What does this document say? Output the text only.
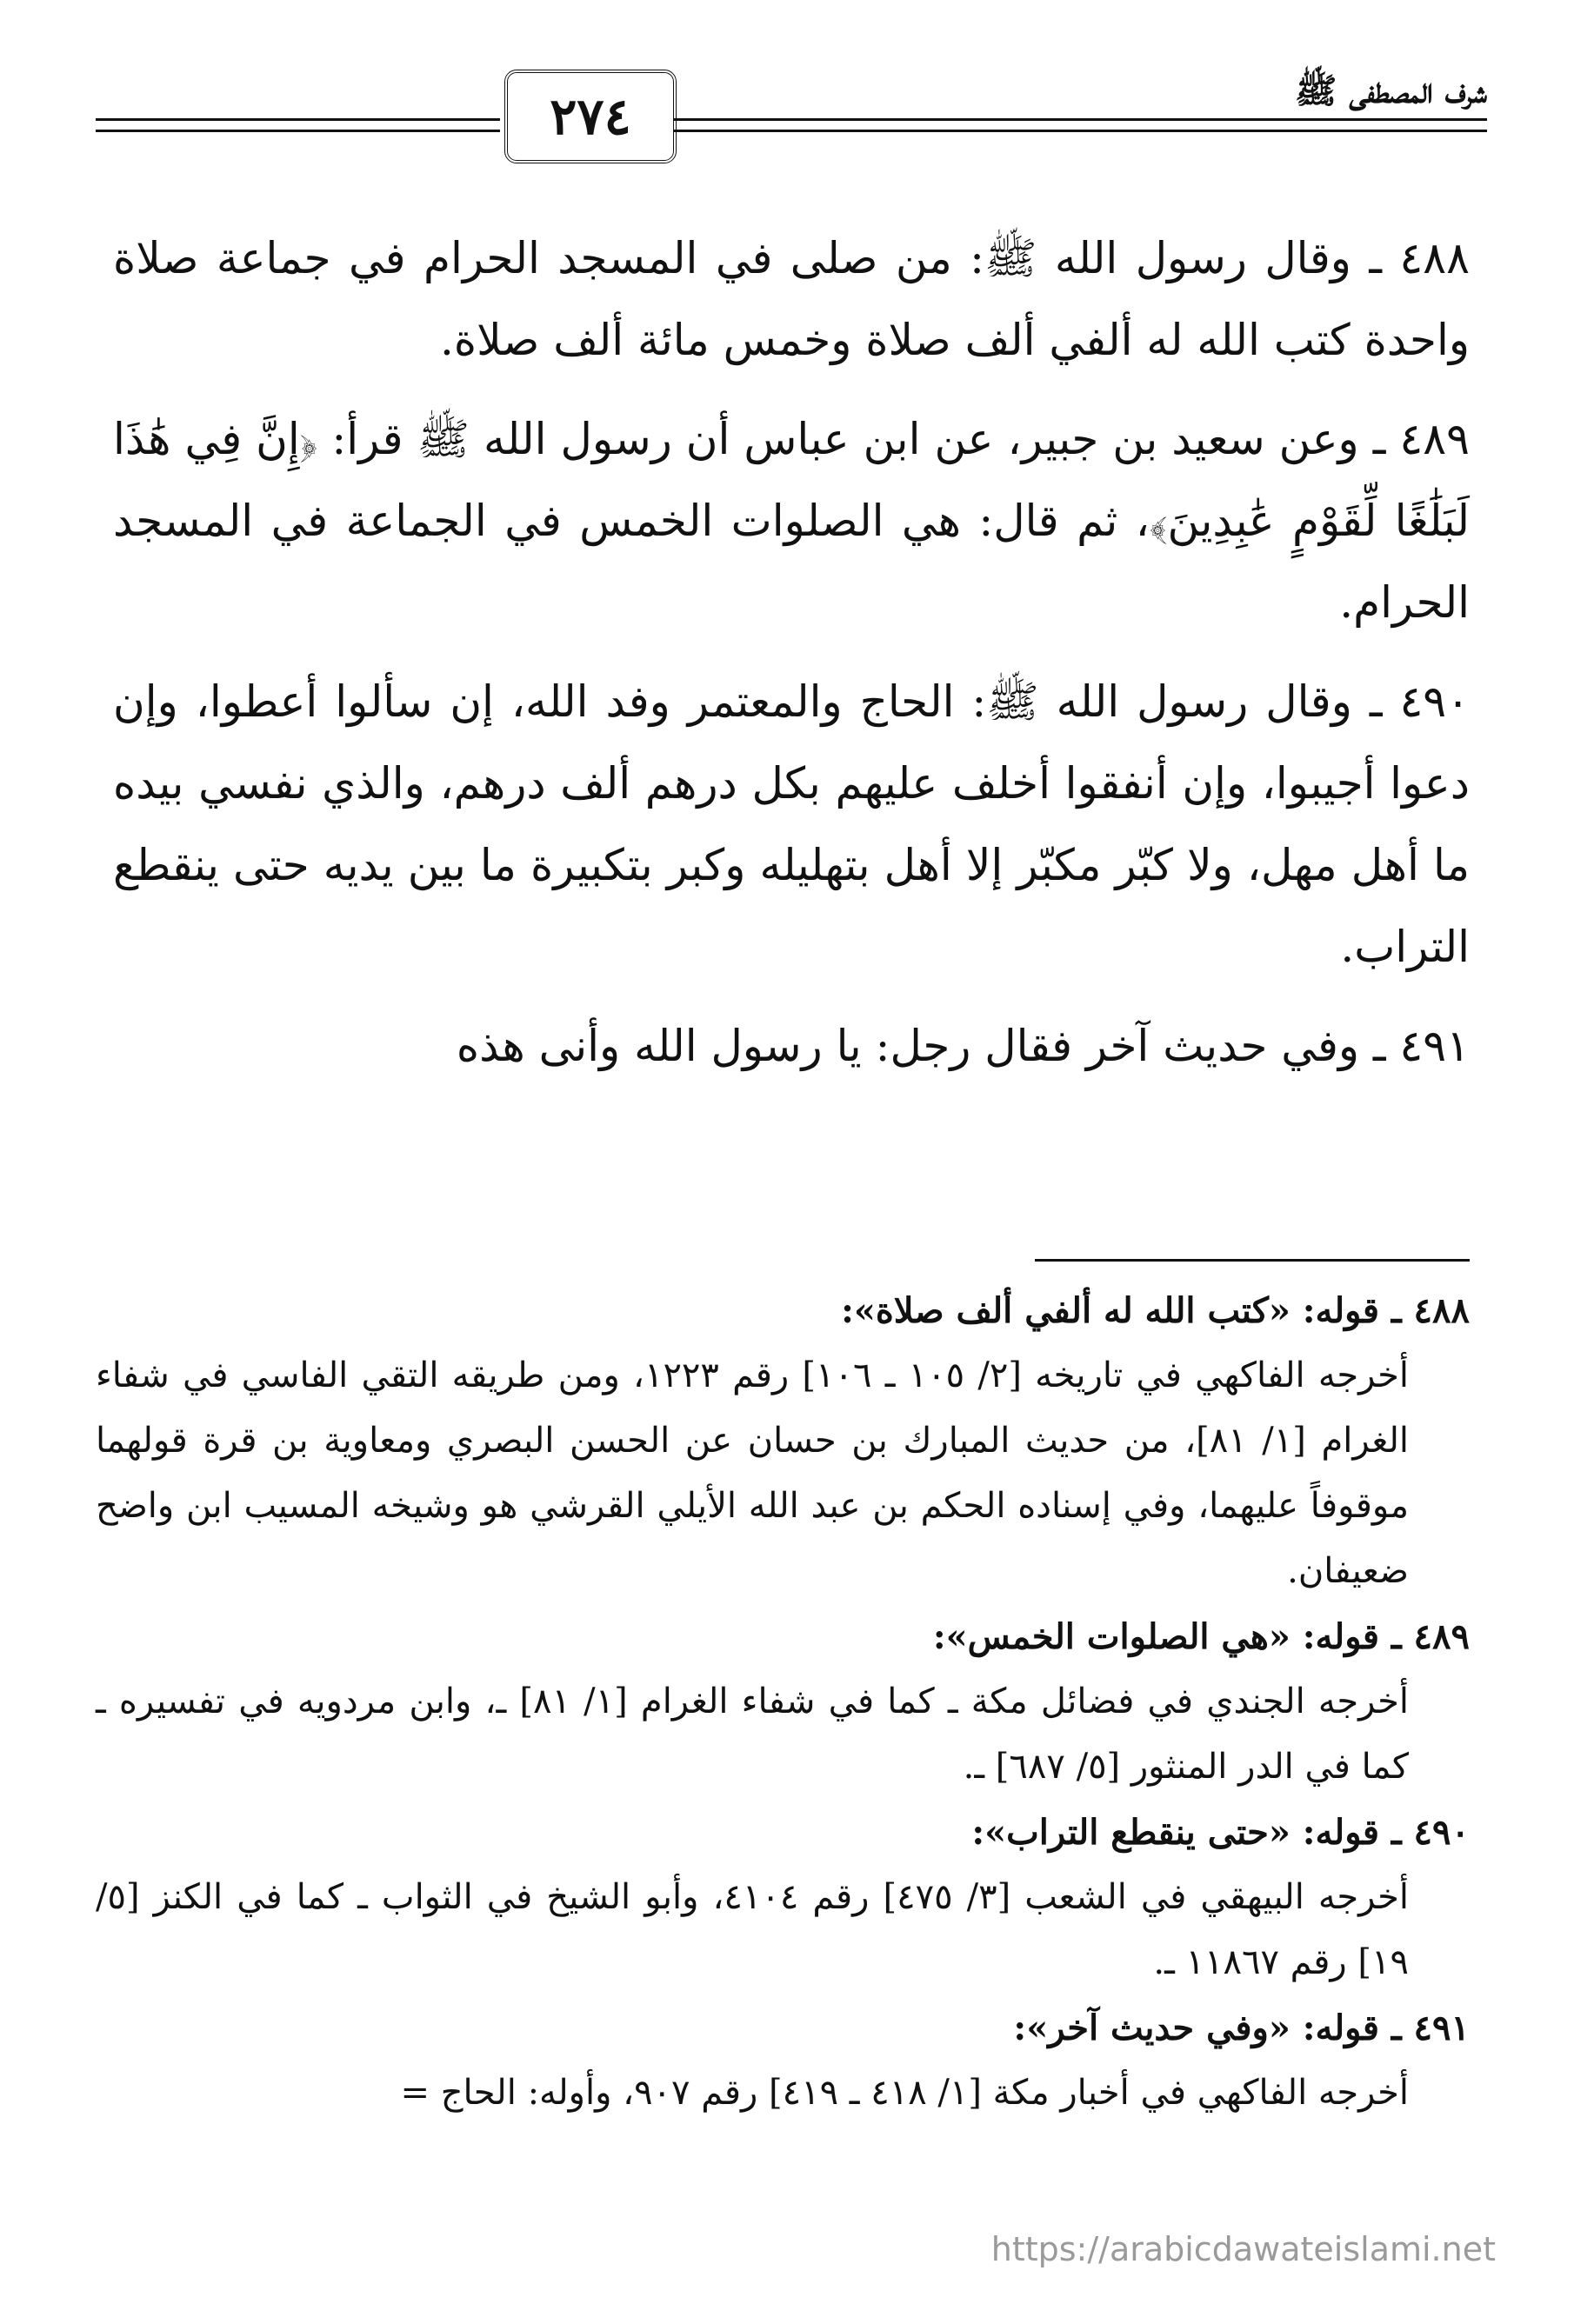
٢٧٤	شرف المصطفى ﷺ

٤٨٨ ـ وقال رسول الله ﷺ: من صلى في المسجد الحرام في جماعة صلاة واحدة كتب الله له ألفي ألف صلاة وخمس مائة ألف صلاة.

٤٨٩ ـ وعن سعيد بن جبير، عن ابن عباس أن رسول الله ﷺ قرأ: ﴿إِنَّ فِي هَٰذَا لَبَلَٰغًا لِّقَوْمٍ عَٰبِدِينَ﴾، ثم قال: هي الصلوات الخمس في الجماعة في المسجد الحرام.

٤٩٠ ـ وقال رسول الله ﷺ: الحاج والمعتمر وفد الله، إن سألوا أعطوا، وإن دعوا أجيبوا، وإن أنفقوا أخلف عليهم بكل درهم ألف درهم، والذي نفسي بيده ما أهل مهل، ولا كبّر مكبّر إلا أهل بتهليله وكبر بتكبيرة ما بين يديه حتى ينقطع التراب.

٤٩١ ـ وفي حديث آخر فقال رجل: يا رسول الله وأنى هذه

٤٨٨ ـ قوله: «كتب الله له ألفي ألف صلاة»:

أخرجه الفاكهي في تاريخه [٢/ ١٠٥ ـ ١٠٦] رقم ١٢٢٣، ومن طريقه التقي الفاسي في شفاء الغرام [١/ ٨١]، من حديث المبارك بن حسان عن الحسن البصري ومعاوية بن قرة قولهما موقوفاً عليهما، وفي إسناده الحكم بن عبد الله الأيلي القرشي هو وشيخه المسيب ابن واضح ضعيفان.

٤٨٩ ـ قوله: «هي الصلوات الخمس»:

أخرجه الجندي في فضائل مكة ـ كما في شفاء الغرام [١/ ٨١] ـ، وابن مردويه في تفسيره ـ كما في الدر المنثور [٥/ ٦٨٧] ـ.

٤٩٠ ـ قوله: «حتى ينقطع التراب»:

أخرجه البيهقي في الشعب [٣/ ٤٧٥] رقم ٤١٠٤، وأبو الشيخ في الثواب ـ كما في الكنز [٥/ ١٩] رقم ١١٨٦٧ ـ.

٤٩١ ـ قوله: «وفي حديث آخر»:

أخرجه الفاكهي في أخبار مكة [١/ ٤١٨ ـ ٤١٩] رقم ٩٠٧، وأوله: الحاج =

https://arabicdawateislami.net
